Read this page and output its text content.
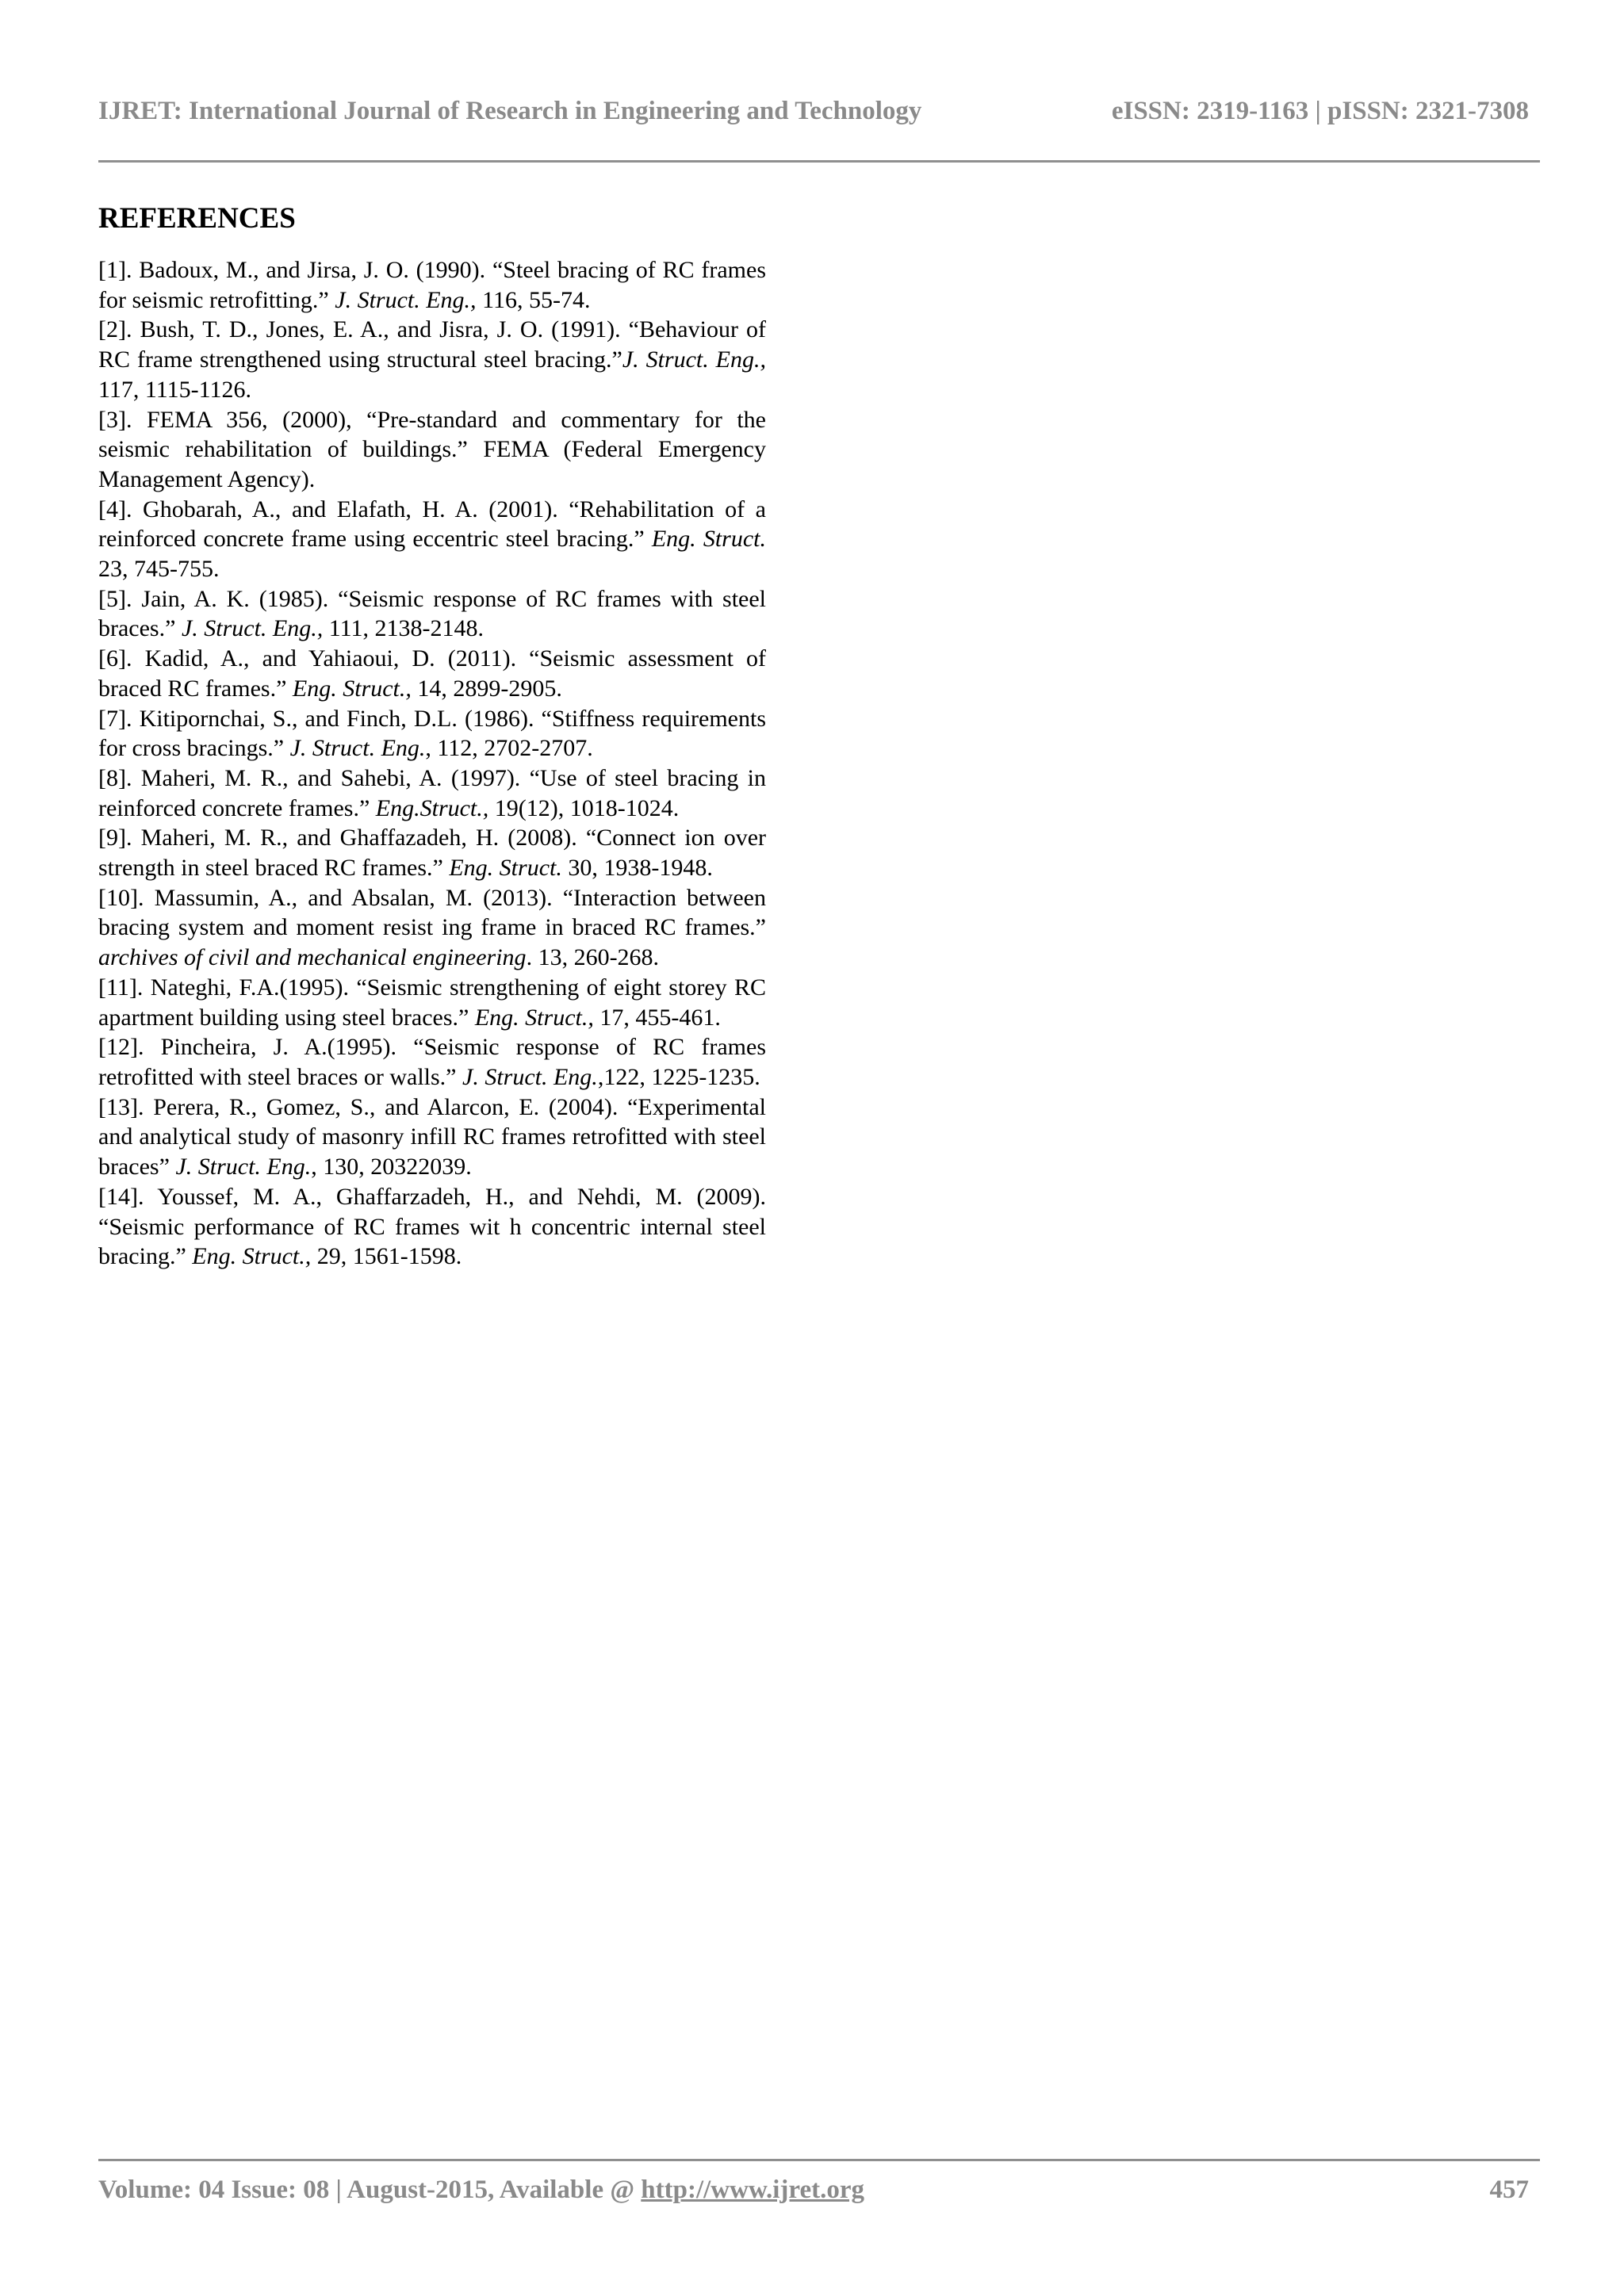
IJRET: International Journal of Research in Engineering and Technology	eISSN: 2319-1163 | pISSN: 2321-7308
REFERENCES

[1]. Badoux, M., and Jirsa, J. O. (1990). “Steel bracing of RC frames for seismic retrofitting.” J. Struct. Eng., 116, 55-74.

[2]. Bush, T. D., Jones, E. A., and Jisra, J. O. (1991). “Behaviour of RC frame strengthened using structural steel bracing.”J. Struct. Eng., 117, 1115-1126.

[3]. FEMA 356, (2000), “Pre-standard and commentary for the seismic rehabilitation of buildings.” FEMA (Federal Emergency Management Agency).

[4]. Ghobarah, A., and Elafath, H. A. (2001). “Rehabilitation of a reinforced concrete frame using eccentric steel bracing.” Eng. Struct. 23, 745-755.

[5]. Jain, A. K. (1985). “Seismic response of RC frames with steel braces.” J. Struct. Eng., 111, 2138-2148.

[6]. Kadid, A., and Yahiaoui, D. (2011). “Seismic assessment of braced RC frames.” Eng. Struct., 14, 2899-2905.

[7]. Kitipornchai, S., and Finch, D.L. (1986). “Stiffness requirements for cross bracings.” J. Struct. Eng., 112, 2702-2707.

[8]. Maheri, M. R., and Sahebi, A. (1997). “Use of steel bracing in reinforced concrete frames.” Eng.Struct., 19(12), 1018-1024.

[9]. Maheri, M. R., and Ghaffazadeh, H. (2008). “Connect ion over strength in steel braced RC frames.” Eng. Struct. 30, 1938-1948.

[10]. Massumin, A., and Absalan, M. (2013). “Interaction between bracing system and moment resist ing frame in braced RC frames.” archives of civil and mechanical engineering. 13, 260-268.

[11]. Nateghi, F.A.(1995). “Seismic strengthening of eight storey RC apartment building using steel braces.” Eng. Struct., 17, 455-461.

[12]. Pincheira, J. A.(1995). “Seismic response of RC frames retrofitted with steel braces or walls.” J. Struct. Eng.,122, 1225-1235.

[13]. Perera, R., Gomez, S., and Alarcon, E. (2004). “Experimental and analytical study of masonry infill RC frames retrofitted with steel braces” J. Struct. Eng., 130, 20322039.

[14]. Youssef, M. A., Ghaffarzadeh, H., and Nehdi, M. (2009). “Seismic performance of RC frames wit h concentric internal steel bracing.” Eng. Struct., 29, 1561-1598.

Volume: 04 Issue: 08 | August-2015, Available @ http://www.ijret.org	457
